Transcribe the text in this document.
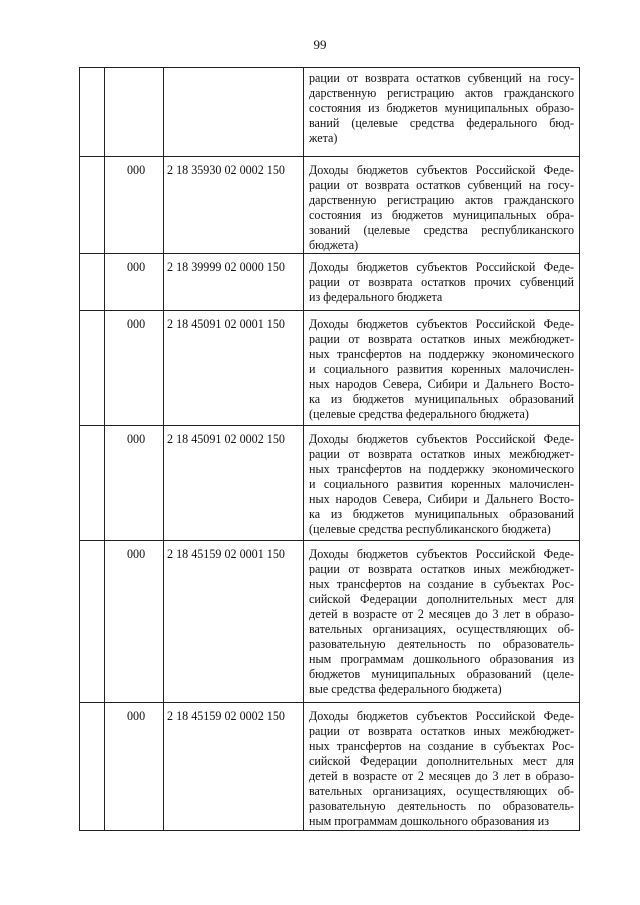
99
рации от возврата остатков субвенций на госу-
дарственную регистрацию актов гражданского
состояния из бюджетов муниципальных образо-
ваний (целевые средства федерального бюд-
жета)
000 2 18 35930 02 0002 150 Доходы бюджетов субъектов Российской Феде-
рации от возврата остатков субвенций на госу-
дарственную регистрацию актов гражданского
состояния из бюджетов муниципальных обра-
зований (целевые средства республиканского
бюджета)
000 2 18 39999 02 0000 150 Доходы бюджетов субъектов Российской Феде-
рации от возврата остатков прочих субвенций
из федерального бюджета
000 2 18 45091 02 0001 150 Доходы бюджетов субъектов Российской Феде-
рации от возврата остатков иных межбюджет-
ных трансфертов на поддержку экономического
и социального развития коренных малочислен-
ных народов Севера, Сибири и Дальнего Восто-
ка из бюджетов муниципальных образований
(целевые средства федерального бюджета)
000 2 18 45091 02 0002 150 Доходы бюджетов субъектов Российской Феде-
рации от возврата остатков иных межбюджет-
ных трансфертов на поддержку экономического
и социального развития коренных малочислен-
ных народов Севера, Сибири и Дальнего Восто-
ка из бюджетов муниципальных образований
(целевые средства республиканского бюджета)
000 2 18 45159 02 0001 150 Доходы бюджетов субъектов Российской Феде-
рации от возврата остатков иных межбюджет-
ных трансфертов на создание в субъектах Рос-
сийской Федерации дополнительных мест для
детей в возрасте от 2 месяцев до 3 лет в образо-
вательных организациях, осуществляющих об-
разовательную деятельность по образователь-
ным программам дошкольного образования из
бюджетов муниципальных образований (целе-
вые средства федерального бюджета)
000 2 18 45159 02 0002 150 Доходы бюджетов субъектов Российской Феде-
рации от возврата остатков иных межбюджет-
ных трансфертов на создание в субъектах Рос-
сийской Федерации дополнительных мест для
детей в возрасте от 2 месяцев до 3 лет в образо-
вательных организациях, осуществляющих об-
разовательную деятельность по образователь-
ным программам дошкольного образования из
